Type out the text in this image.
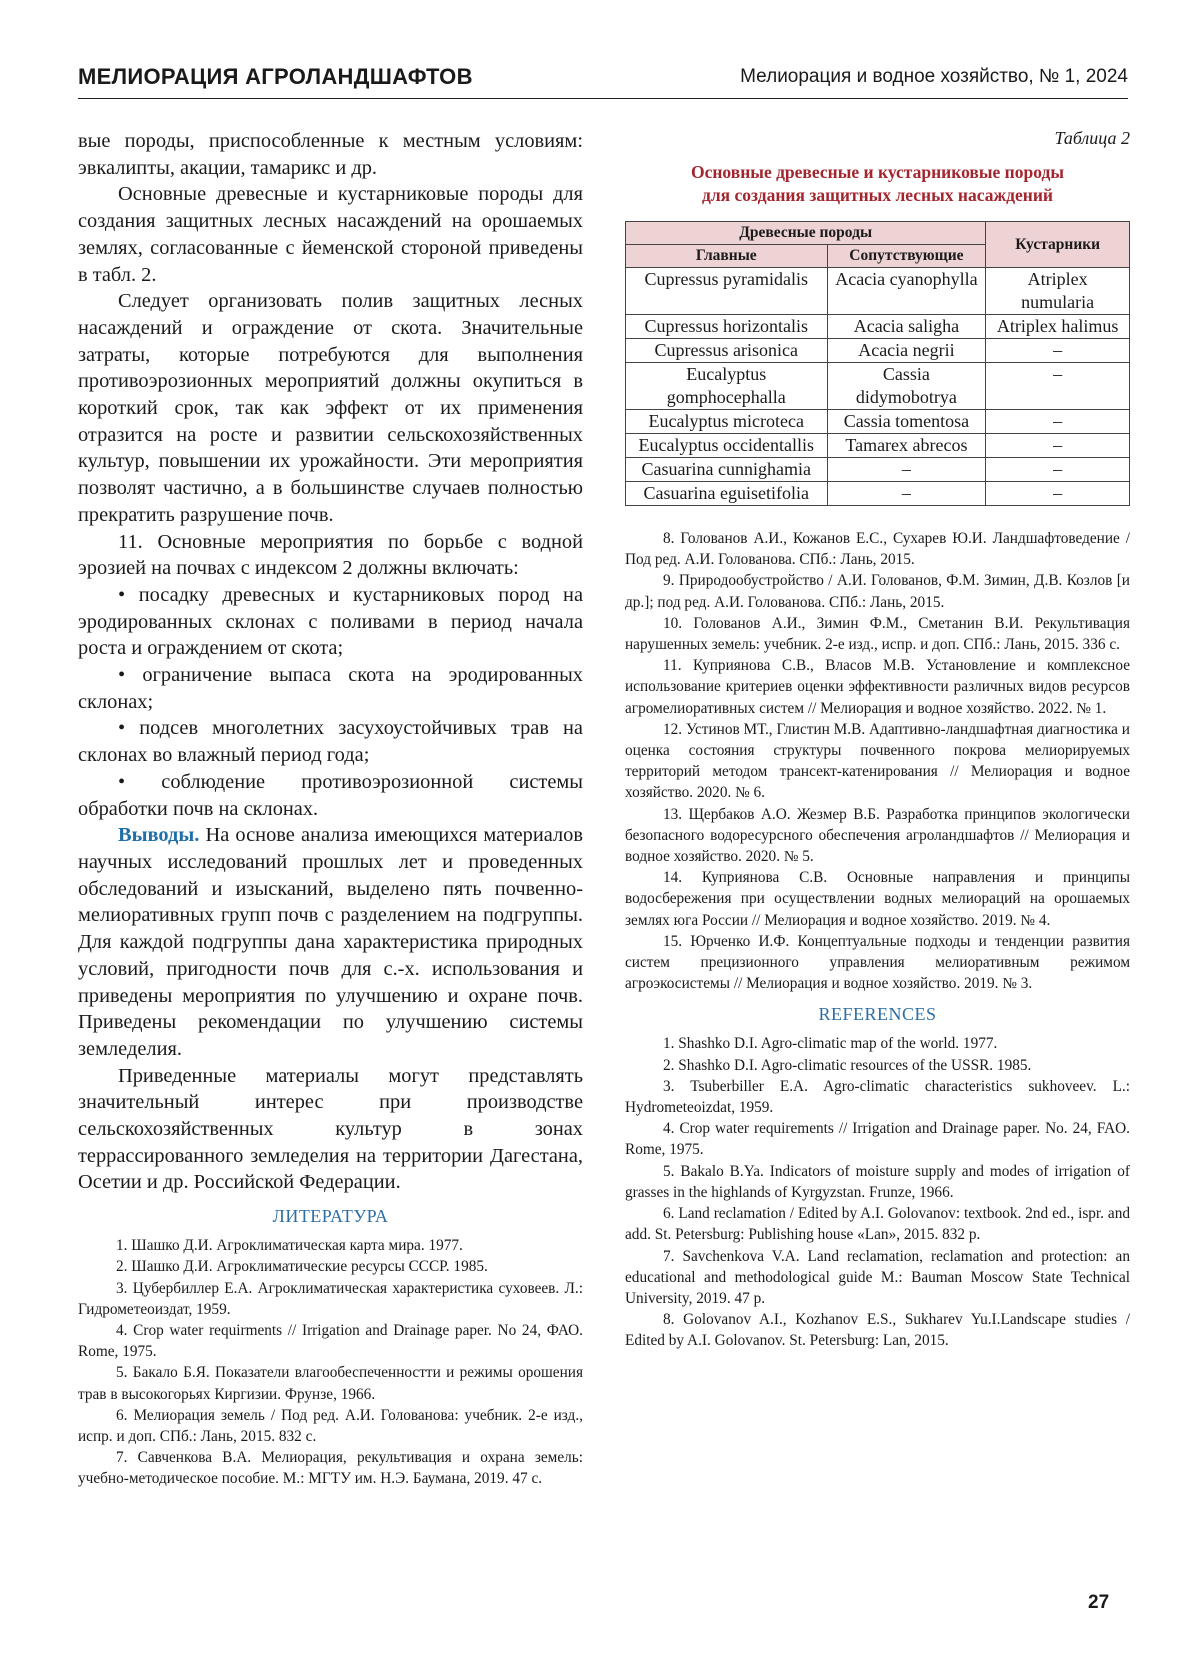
МЕЛИОРАЦИЯ АГРОЛАНДШАФТОВ	Мелиорация и водное хозяйство, № 1, 2024

вые породы, приспособленные к местным условиям: эвкалипты, акации, тамарикс и др.

Основные древесные и кустарниковые породы для создания защитных лесных насаждений на орошаемых землях, согласованные с йеменской стороной приведены в табл. 2.

Следует организовать полив защитных лесных насаждений и ограждение от скота. Значительные затраты, которые потребуются для выполнения противоэрозионных мероприятий должны окупиться в короткий срок, так как эффект от их применения отразится на росте и развитии сельскохозяйственных культур, повышении их урожайности. Эти мероприятия позволят частично, а в большинстве случаев полностью прекратить разрушение почв.

11. Основные мероприятия по борьбе с водной эрозией на почвах с индексом 2 должны включать:

• посадку древесных и кустарниковых пород на эродированных склонах с поливами в период начала роста и ограждением от скота;

• ограничение выпаса скота на эродированных склонах;

• подсев многолетних засухоустойчивых трав на склонах во влажный период года;

• соблюдение противоэрозионной системы обработки почв на склонах.

Выводы. На основе анализа имеющихся материалов научных исследований прошлых лет и проведенных обследований и изысканий, выделено пять почвенно-мелиоративных групп почв с разделением на подгруппы. Для каждой подгруппы дана характеристика природных условий, пригодности почв для с.-х. использования и приведены мероприятия по улучшению и охране почв. Приведены рекомендации по улучшению системы земледелия.

Приведенные материалы могут представлять значительный интерес при производстве сельскохозяйственных культур в зонах террассированного земледелия на территории Дагестана, Осетии и др. Российской Федерации.

ЛИТЕРАТУРА

1. Шашко Д.И. Агроклиматическая карта мира. 1977.

2. Шашко Д.И. Агроклиматические ресурсы СССР. 1985.

3. Цубербиллер Е.А. Агроклиматическая характеристика суховеев. Л.: Гидрометеоиздат, 1959.

4. Crop water requirments // Irrigation and Drainage paper. No 24, ФАО. Rome, 1975.

5. Бакало Б.Я. Показатели влагообеспеченностти и режимы орошения трав в высокогорьях Киргизии. Фрунзе, 1966.

6. Мелиорация земель / Под ред. А.И. Голованова: учебник. 2-е изд., испр. и доп. СПб.: Лань, 2015. 832 с.

7. Савченкова В.А. Мелиорация, рекультивация и охрана земель: учебно-методическое пособие. М.: МГТУ им. Н.Э. Баумана, 2019. 47 с.

Таблица 2
Основные древесные и кустарниковые породы
для создания защитных лесных насаждений
Древесные породы		Кустарники
Главные	Сопутствующие	
Cupressus pyramidalis	Acacia cyanophylla	Atriplex numularia
Cupressus horizontalis	Acacia saligha	Atriplex halimus
Cupressus arisonica	Acacia negrii	–
Eucalyptus gomphocephalla	Cassia didymobotrya	–
Eucalyptus microteca	Cassia tomentosa	–
Eucalyptus occidentallis	Tamarex abrecos	–
Casuarina cunnighamia	–	–
Casuarina eguisetifolia	–	–

8. Голованов А.И., Кожанов Е.С., Сухарев Ю.И. Ландшафтоведение / Под ред. А.И. Голованова. СПб.: Лань, 2015.

9. Природообустройство / А.И. Голованов, Ф.М. Зимин, Д.В. Козлов [и др.]; под ред. А.И. Голованова. СПб.: Лань, 2015.

10. Голованов А.И., Зимин Ф.М., Сметанин В.И. Рекультивация нарушенных земель: учебник. 2-е изд., испр. и доп. СПб.: Лань, 2015. 336 с.

11. Куприянова С.В., Власов М.В. Установление и комплексное использование критериев оценки эффективности различных видов ресурсов агромелиоративных систем // Мелиорация и водное хозяйство. 2022. № 1.

12. Устинов МТ., Глистин М.В. Адаптивно-ландшафтная диагностика и оценка состояния структуры почвенного покрова мелиорируемых территорий методом трансект-катенирования // Мелиорация и водное хозяйство. 2020. № 6.

13. Щербаков А.О. Жезмер В.Б. Разработка принципов экологически безопасного водоресурсного обеспечения агроландшафтов // Мелиорация и водное хозяйство. 2020. № 5.

14. Куприянова С.В. Основные направления и принципы водосбережения при осуществлении водных мелиораций на орошаемых землях юга России // Мелиорация и водное хозяйство. 2019. № 4.

15. Юрченко И.Ф. Концептуальные подходы и тенденции развития систем прецизионного управления мелиоративным режимом агроэкосистемы // Мелиорация и водное хозяйство. 2019. № 3.

REFERENCES

1. Shashko D.I. Agro-climatic map of the world. 1977.

2. Shashko D.I. Agro-climatic resources of the USSR. 1985.

3. Tsuberbiller E.A. Agro-climatic characteristics sukhoveev. L.: Hydrometeoizdat, 1959.

4. Crop water requirements // Irrigation and Drainage paper. No. 24, FAO. Rome, 1975.

5. Bakalo B.Ya. Indicators of moisture supply and modes of irrigation of grasses in the highlands of Kyrgyzstan. Frunze, 1966.

6. Land reclamation / Edited by A.I. Golovanov: textbook. 2nd ed., ispr. and add. St. Petersburg: Publishing house «Lan», 2015. 832 p.

7. Savchenkova V.A. Land reclamation, reclamation and protection: an educational and methodological guide M.: Bauman Moscow State Technical University, 2019. 47 p.

8. Golovanov A.I., Kozhanov E.S., Sukharev Yu.I.Landscape studies / Edited by A.I. Golovanov. St. Petersburg: Lan, 2015.

27
